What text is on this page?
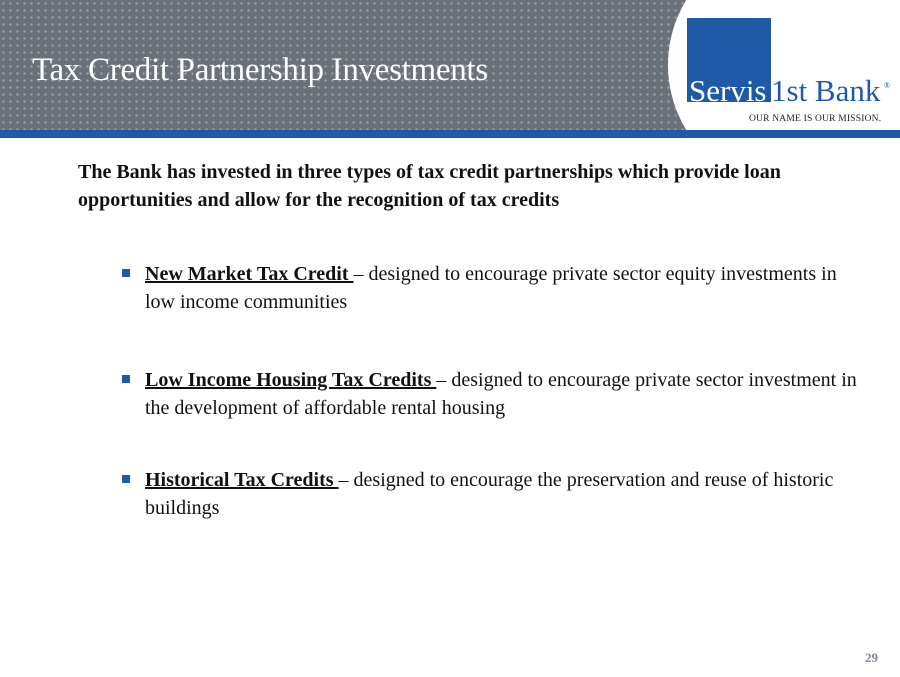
Tax Credit Partnership Investments
Servis 1st Bank ®
OUR NAME IS OUR MISSION.
The Bank has invested in three types of tax credit partnerships which provide loan opportunities and allow for the recognition of tax credits
New Market Tax Credit – designed to encourage private sector equity investments in low income communities
Low Income Housing Tax Credits – designed to encourage private sector investment in the development of affordable rental housing
Historical Tax Credits – designed to encourage the preservation and reuse of historic buildings
29
